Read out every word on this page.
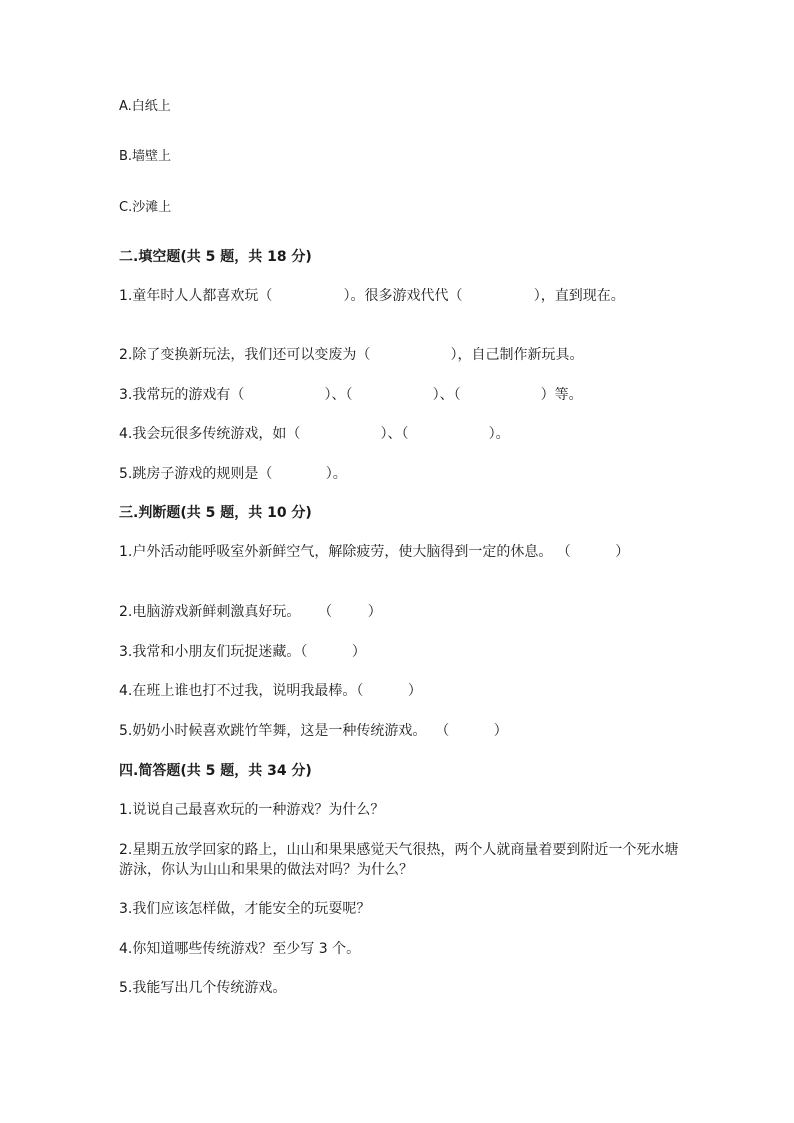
A.白纸上
B.墙壁上
C.沙滩上
二.填空题(共 5 题，共 18 分)
1.童年时人人都喜欢玩（                ）。很多游戏代代（                ），直到现在。
2.除了变换新玩法，我们还可以变废为（                  ），自己制作新玩具。
3.我常玩的游戏有（                  ）、（                  ）、（                  ）等。
4.我会玩很多传统游戏，如（                  ）、（                  ）。
5.跳房子游戏的规则是（            ）。
三.判断题(共 5 题，共 10 分)
1.户外活动能呼吸室外新鲜空气，解除疲劳，使大脑得到一定的休息。 （          ）
2.电脑游戏新鲜刺激真好玩。    （        ）
3.我常和小朋友们玩捉迷藏。（          ）
4.在班上谁也打不过我，说明我最棒。（          ）
5.奶奶小时候喜欢跳竹竿舞，这是一种传统游戏。  （          ）
四.简答题(共 5 题，共 34 分)
1.说说自己最喜欢玩的一种游戏？为什么？
2.星期五放学回家的路上，山山和果果感觉天气很热，两个人就商量着要到附近一个死水塘游泳，你认为山山和果果的做法对吗？为什么？
3.我们应该怎样做，才能安全的玩耍呢？
4.你知道哪些传统游戏？至少写 3 个。
5.我能写出几个传统游戏。
